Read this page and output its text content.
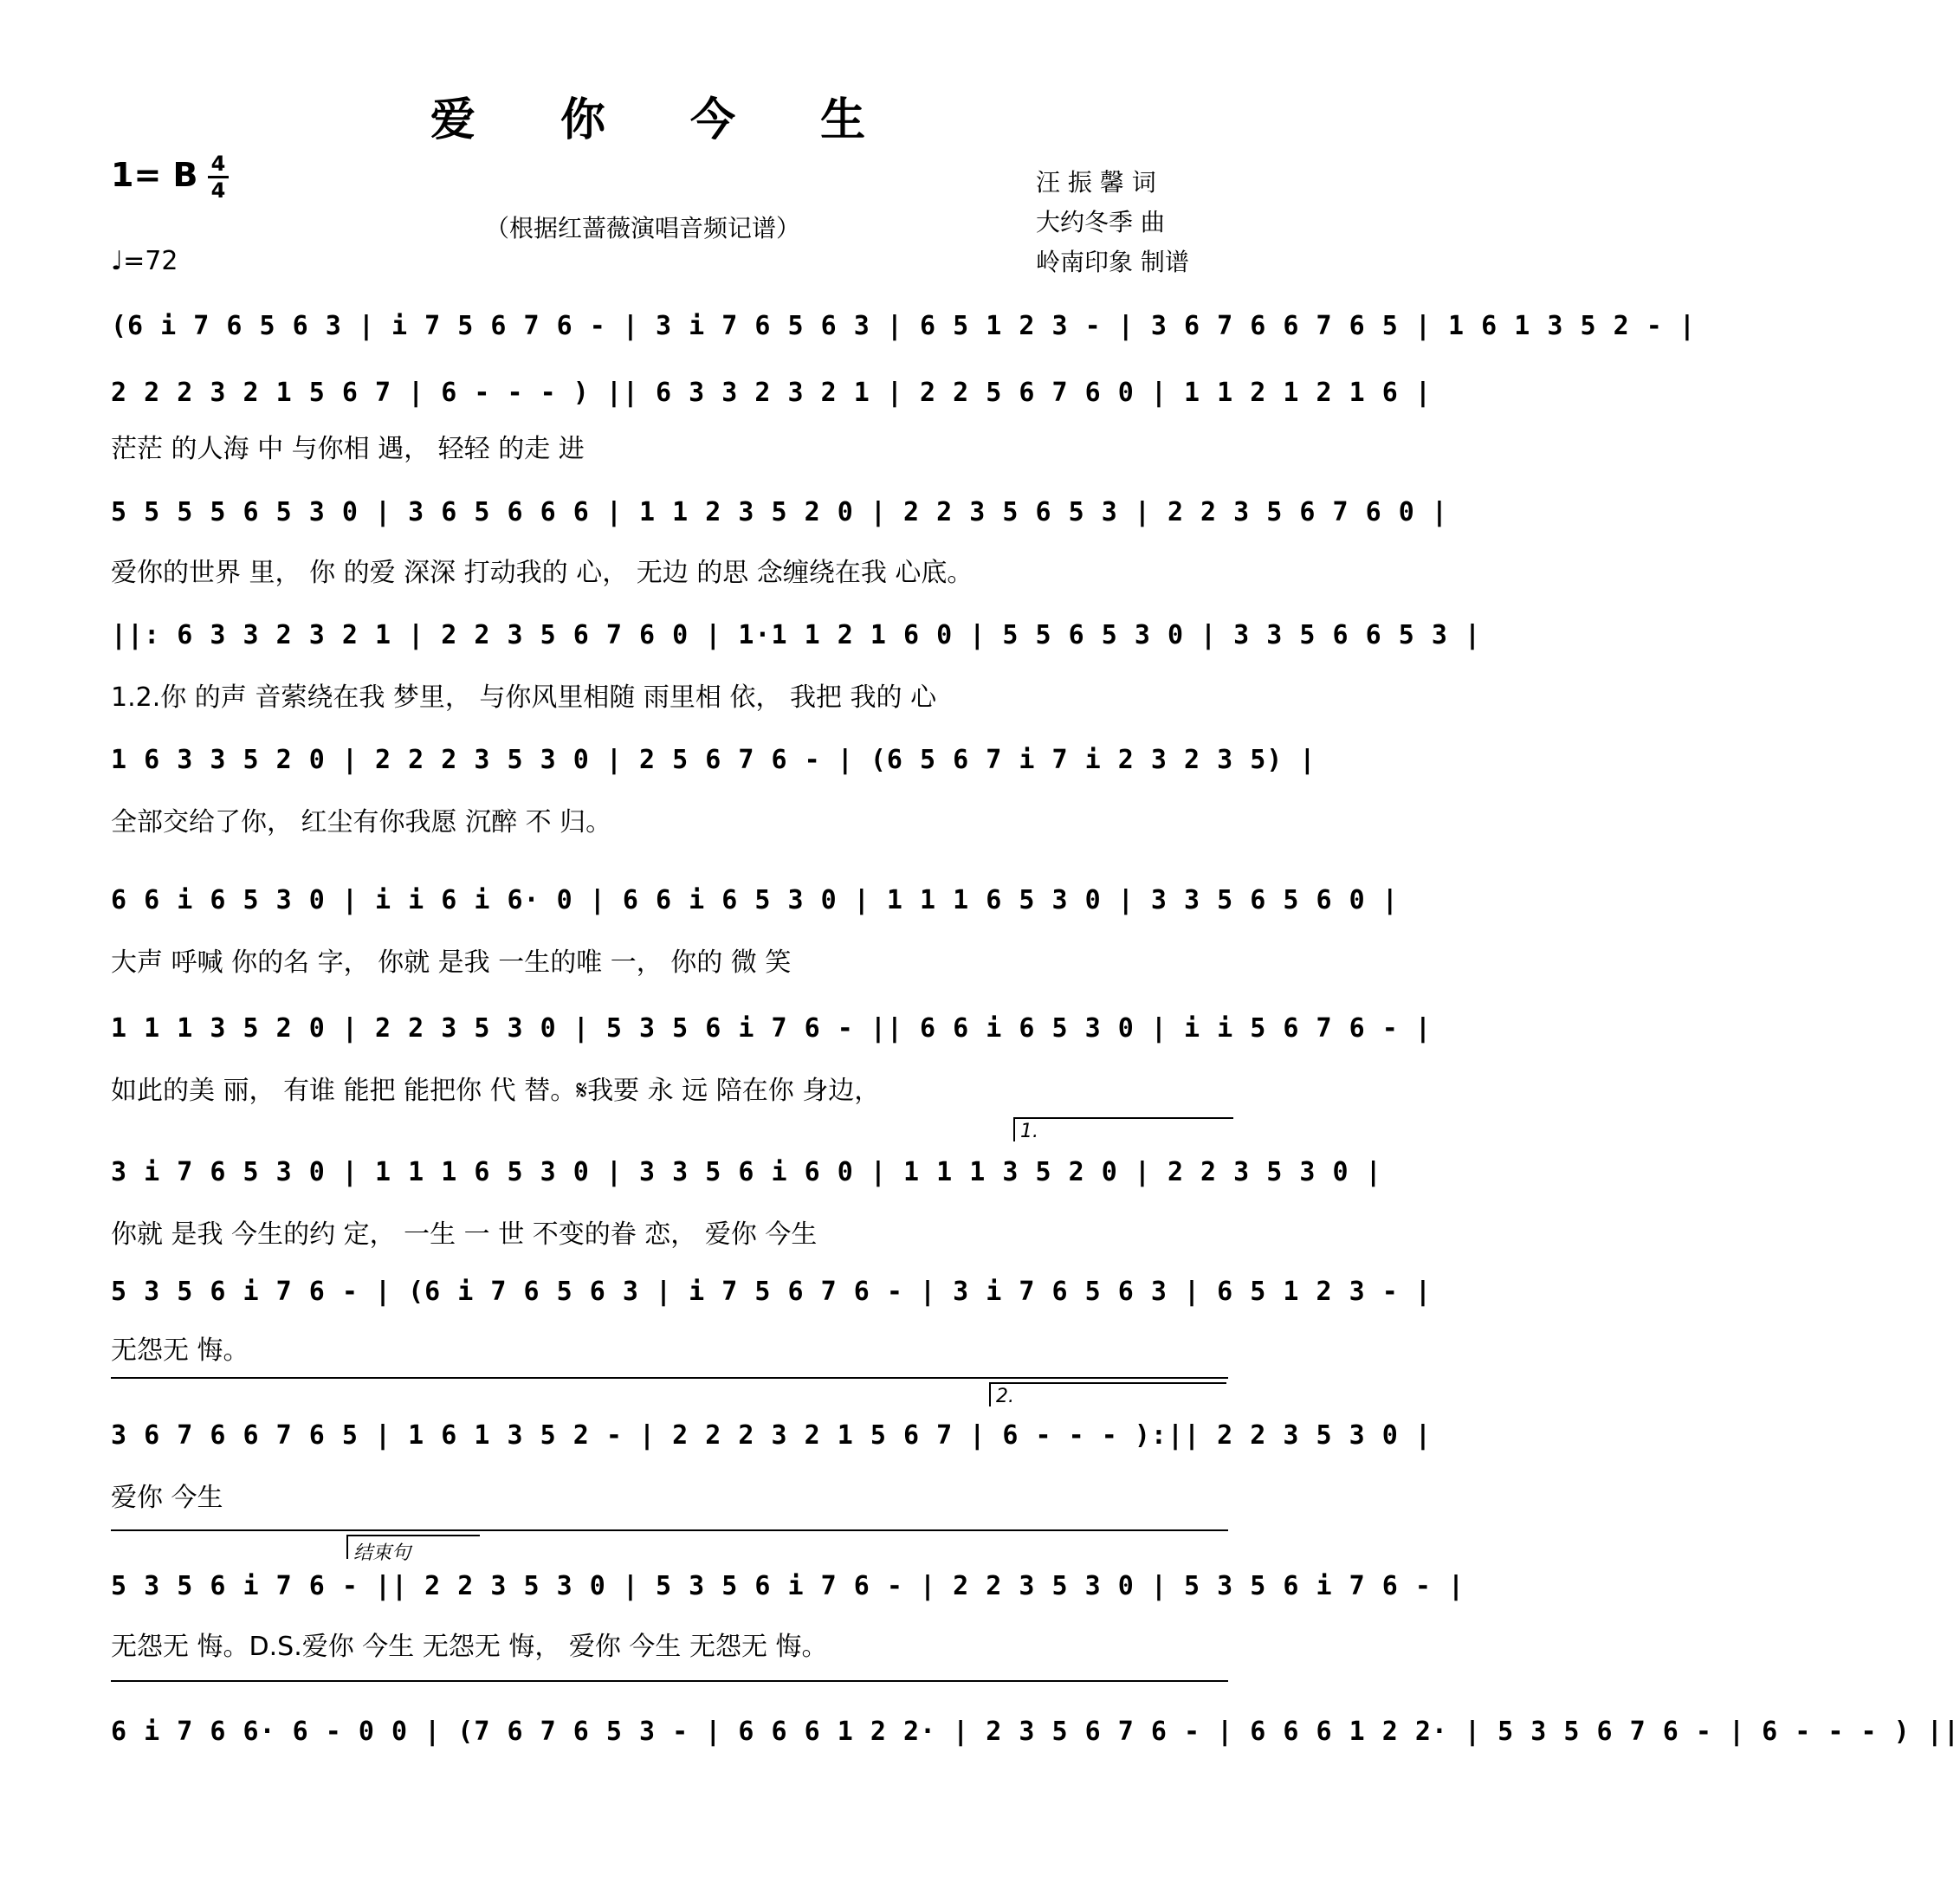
爱 你 今 生
1= B 4
4
♩=72
（根据红蔷薇演唱音频记谱）
汪 振 馨 词
大约冬季 曲
岭南印象 制谱
(6 i 7 6 5 6 3 | i 7 5 6 7 6 - | 3 i 7 6 5 6 3 | 6 5 1 2 3 - | 3 6 7 6 6 7 6 5 | 1 6 1 3 5 2 - |
2 2 2 3 2 1 5 6 7 | 6 - - - ) || 6 3 3 2 3 2 1 | 2 2 5 6 7 6 0 | 1 1 2 1 2 1 6 |
茫茫 的人海 中 与你相 遇， 轻轻 的走 进
5 5 5 5 6 5 3 0 | 3 6 5 6 6 6 | 1 1 2 3 5 2 0 | 2 2 3 5 6 5 3 | 2 2 3 5 6 7 6 0 |
爱你的世界 里， 你 的爱 深深 打动我的 心， 无边 的思 念缠绕在我 心底。
||: 6 3 3 2 3 2 1 | 2 2 3 5 6 7 6 0 | 1·1 1 2 1 6 0 | 5 5 6 5 3 0 | 3 3 5 6 6 5 3 |
1.2.你 的声 音萦绕在我 梦里， 与你风里相随 雨里相 依， 我把 我的 心
1 6 3 3 5 2 0 | 2 2 2 3 5 3 0 | 2 5 6 7 6 - | (6 5 6 7 i 7 i 2 3 2 3 5) |
全部交给了你， 红尘有你我愿 沉醉 不 归。
6 6 i 6 5 3 0 | i i 6 i 6· 0 | 6 6 i 6 5 3 0 | 1 1 1 6 5 3 0 | 3 3 5 6 5 6 0 |
大声 呼喊 你的名 字， 你就 是我 一生的唯 一， 你的 微 笑
1 1 1 3 5 2 0 | 2 2 3 5 3 0 | 5 3 5 6 i 7 6 - || 6 6 i 6 5 3 0 | i i 5 6 7 6 - |
如此的美 丽， 有谁 能把 能把你 代 替。𝄋我要 永 远 陪在你 身边，
1.
3 i 7 6 5 3 0 | 1 1 1 6 5 3 0 | 3 3 5 6 i 6 0 | 1 1 1 3 5 2 0 | 2 2 3 5 3 0 |
你就 是我 今生的约 定， 一生 一 世 不变的眷 恋， 爱你 今生
5 3 5 6 i 7 6 - | (6 i 7 6 5 6 3 | i 7 5 6 7 6 - | 3 i 7 6 5 6 3 | 6 5 1 2 3 - |
无怨无 悔。
2.
3 6 7 6 6 7 6 5 | 1 6 1 3 5 2 - | 2 2 2 3 2 1 5 6 7 | 6 - - - ):|| 2 2 3 5 3 0 |
爱你 今生
结束句
5 3 5 6 i 7 6 - || 2 2 3 5 3 0 | 5 3 5 6 i 7 6 - | 2 2 3 5 3 0 | 5 3 5 6 i 7 6 - |
无怨无 悔。D.S.爱你 今生 无怨无 悔， 爱你 今生 无怨无 悔。
6 i 7 6 6· 6 - 0 0 | (7 6 7 6 5 3 - | 6 6 6 1 2 2· | 2 3 5 6 7 6 - | 6 6 6 1 2 2· | 5 3 5 6 7 6 - | 6 - - - ) ||
